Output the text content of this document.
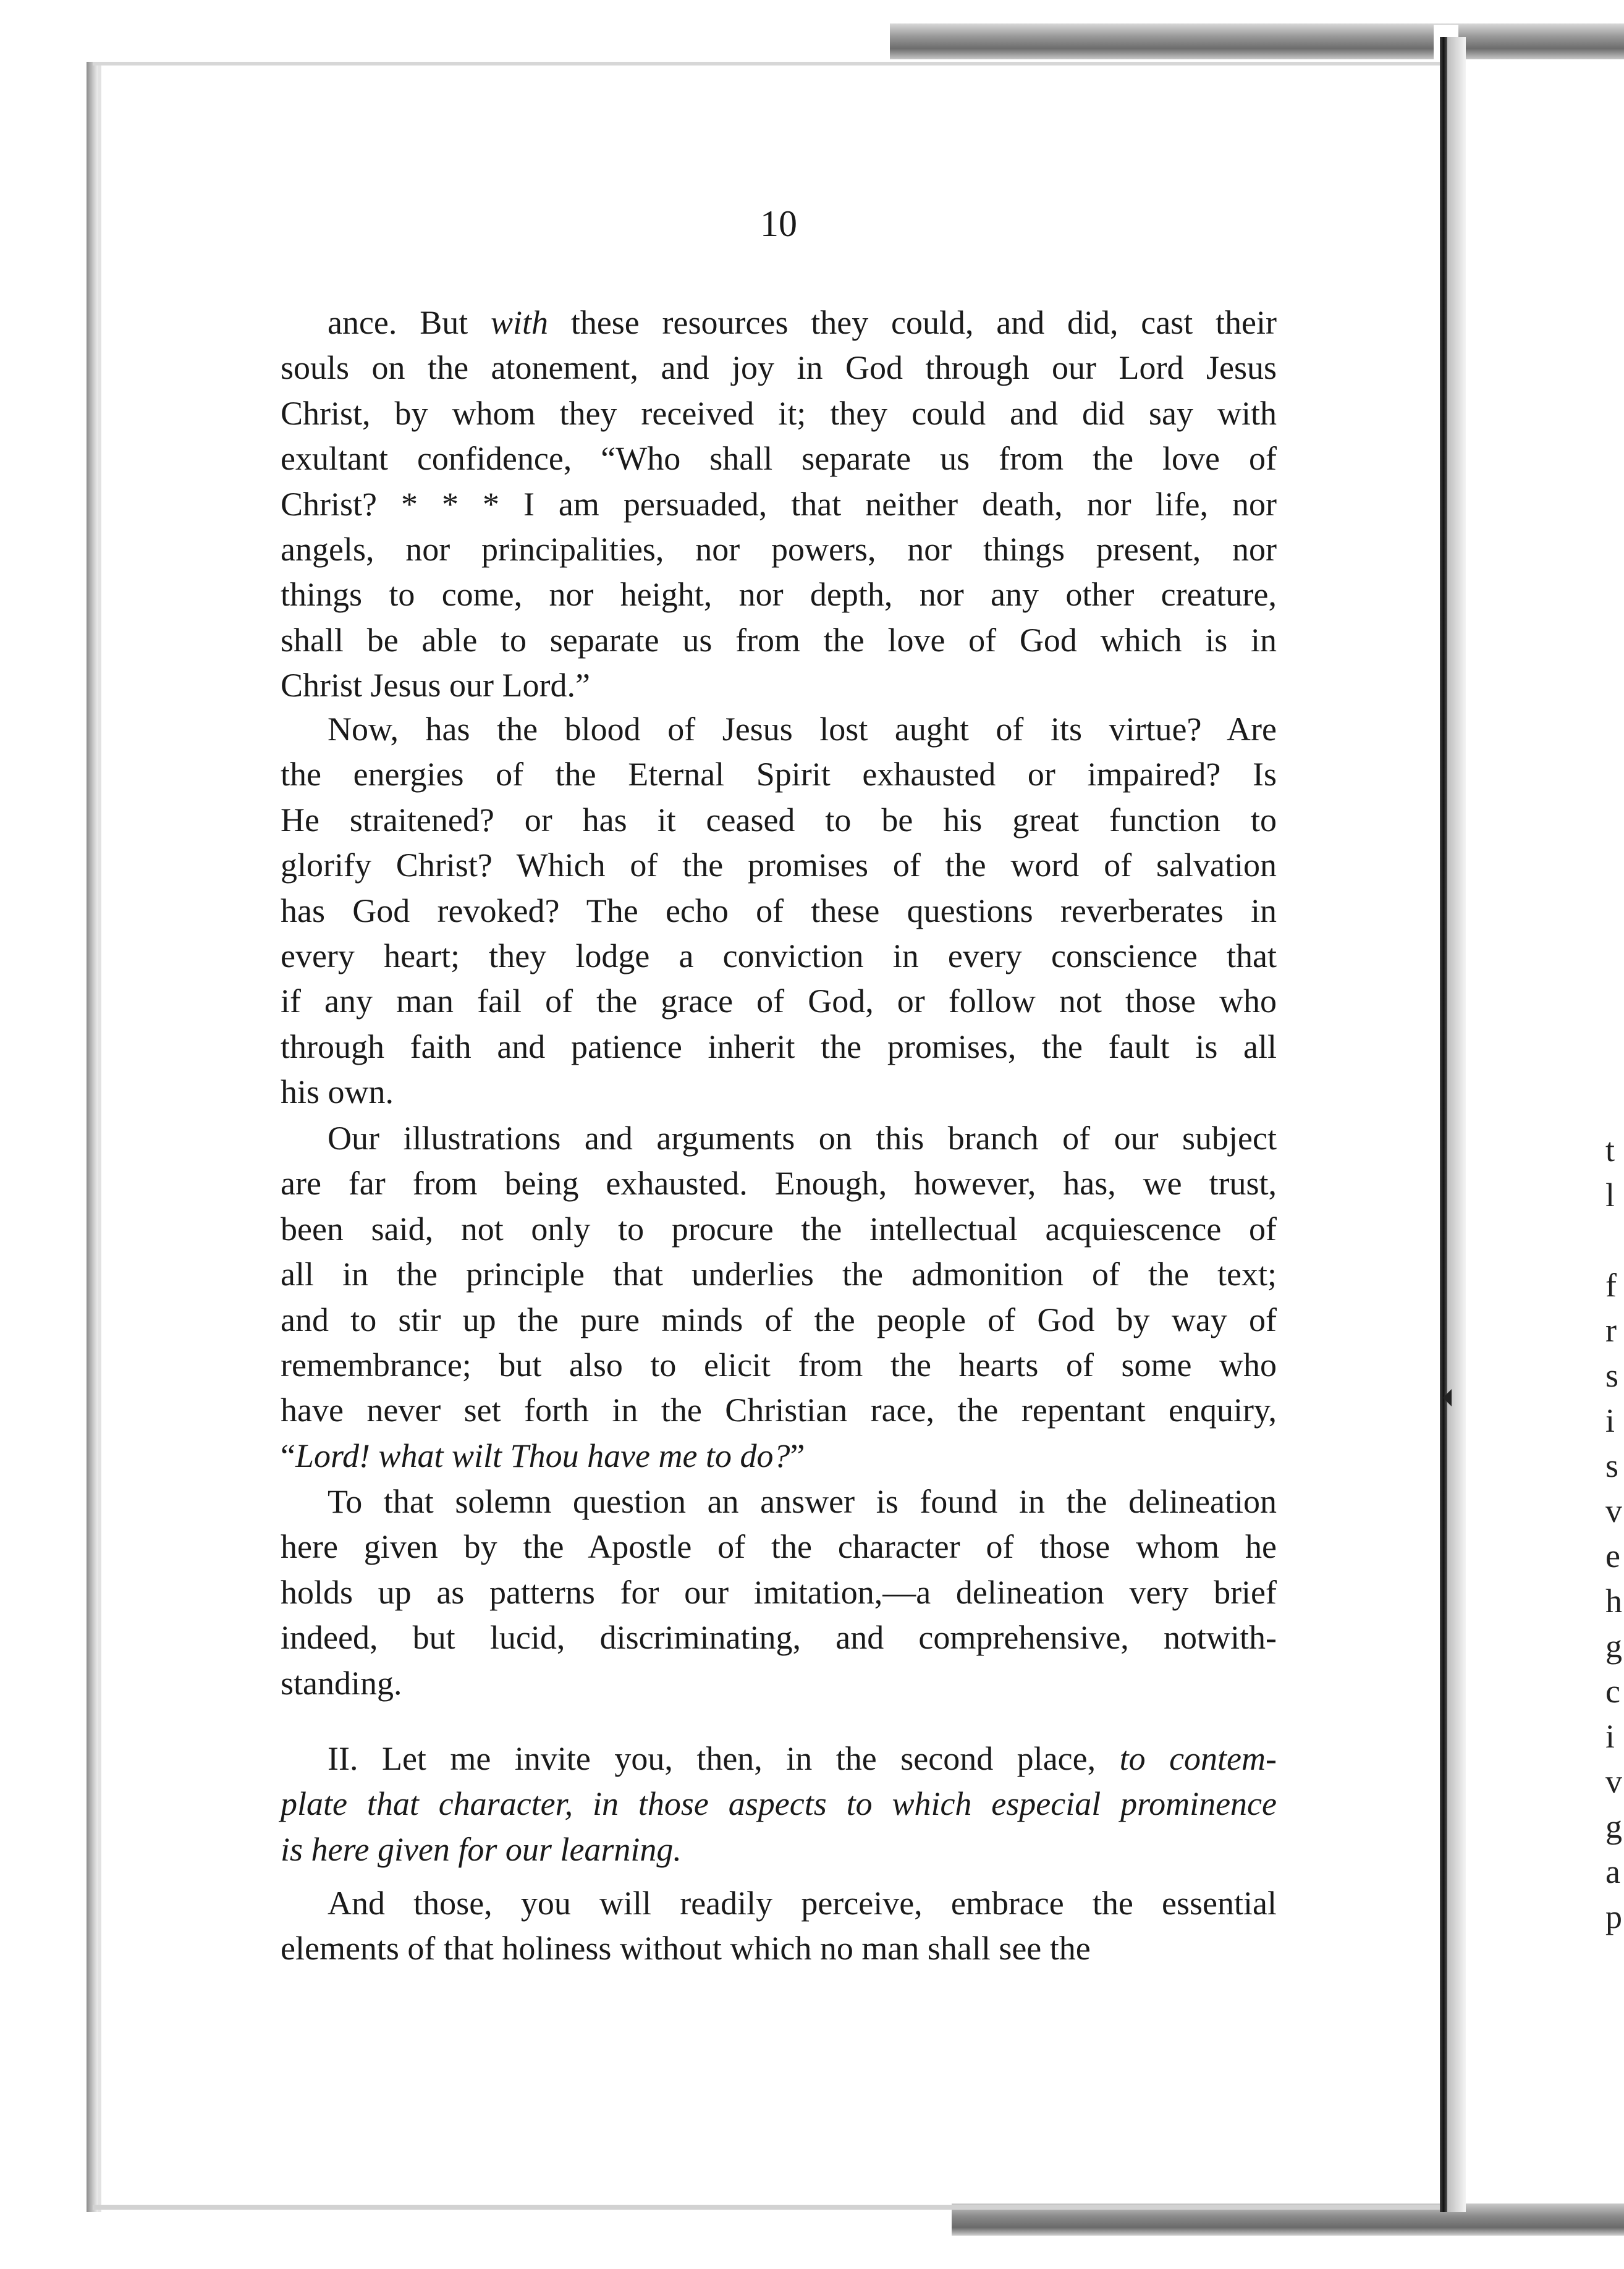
t
l
f
r
s
i
s
v
e
h
g
c
i
v
g
a
p
10
ance. But with these resources they could, and did, cast their
souls on the atonement, and joy in God through our Lord Jesus
Christ, by whom they received it; they could and did say with
exultant confidence, “Who shall separate us from the love of
Christ? * * * I am persuaded, that neither death, nor life, nor
angels, nor principalities, nor powers, nor things present, nor
things to come, nor height, nor depth, nor any other creature,
shall be able to separate us from the love of God which is in
Christ Jesus our Lord.”
Now, has the blood of Jesus lost aught of its virtue? Are
the energies of the Eternal Spirit exhausted or impaired? Is
He straitened? or has it ceased to be his great function to
glorify Christ? Which of the promises of the word of salvation
has God revoked? The echo of these questions reverberates in
every heart; they lodge a conviction in every conscience that
if any man fail of the grace of God, or follow not those who
through faith and patience inherit the promises, the fault is all
his own.
Our illustrations and arguments on this branch of our subject
are far from being exhausted. Enough, however, has, we trust,
been said, not only to procure the intellectual acquiescence of
all in the principle that underlies the admonition of the text;
and to stir up the pure minds of the people of God by way of
remembrance; but also to elicit from the hearts of some who
have never set forth in the Christian race, the repentant enquiry,
“Lord! what wilt Thou have me to do?”
To that solemn question an answer is found in the delineation
here given by the Apostle of the character of those whom he
holds up as patterns for our imitation,—a delineation very brief
indeed, but lucid, discriminating, and comprehensive, notwith-
standing.
II. Let me invite you, then, in the second place, to contem-
plate that character, in those aspects to which especial prominence
is here given for our learning.
And those, you will readily perceive, embrace the essential
elements of that holiness without which no man shall see the
